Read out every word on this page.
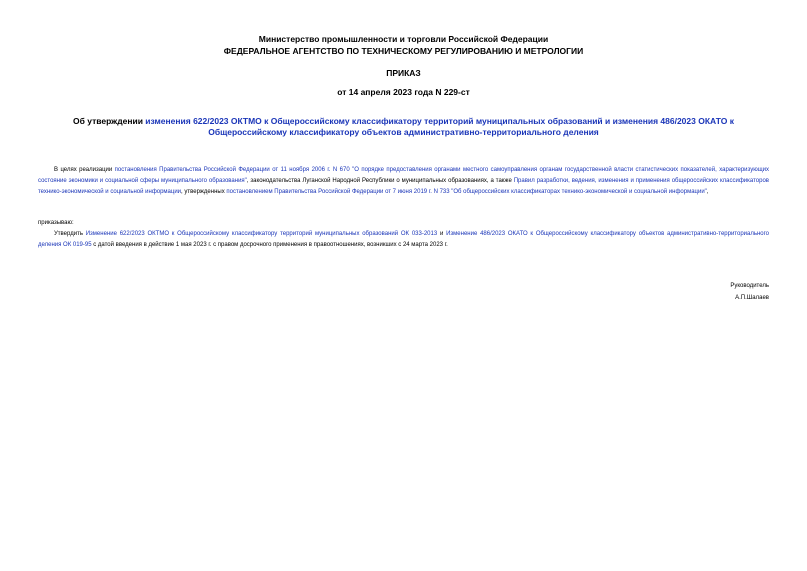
Министерство промышленности и торговли Российской Федерации
ФЕДЕРАЛЬНОЕ АГЕНТСТВО ПО ТЕХНИЧЕСКОМУ РЕГУЛИРОВАНИЮ И МЕТРОЛОГИИ
ПРИКАЗ
от 14 апреля 2023 года N 229-ст
Об утверждении изменения 622/2023 ОКТМО к Общероссийскому классификатору территорий муниципальных образований и изменения 486/2023 ОКАТО к Общероссийскому классификатору объектов административно-территориального деления
В целях реализации постановления Правительства Российской Федерации от 11 ноября 2006 г. N 670 "О порядке предоставления органами местного самоуправления органам государственной власти статистических показателей, характеризующих состояние экономики и социальной сферы муниципального образования", законодательства Луганской Народной Республики о муниципальных образованиях, а также Правил разработки, ведения, изменения и применения общероссийских классификаторов технико-экономической и социальной информации, утвержденных постановлением Правительства Российской Федерации от 7 июня 2019 г. N 733 "Об общероссийских классификаторах технико-экономической и социальной информации",
приказываю:
Утвердить Изменение 622/2023 ОКТМО к Общероссийскому классификатору территорий муниципальных образований ОК 033-2013 и Изменение 486/2023 ОКАТО к Общероссийскому классификатору объектов административно-территориального деления ОК 019-95 с датой введения в действие 1 мая 2023 г. с правом досрочного применения в правоотношениях, возникших с 24 марта 2023 г.
Руководитель
А.П.Шалаев
